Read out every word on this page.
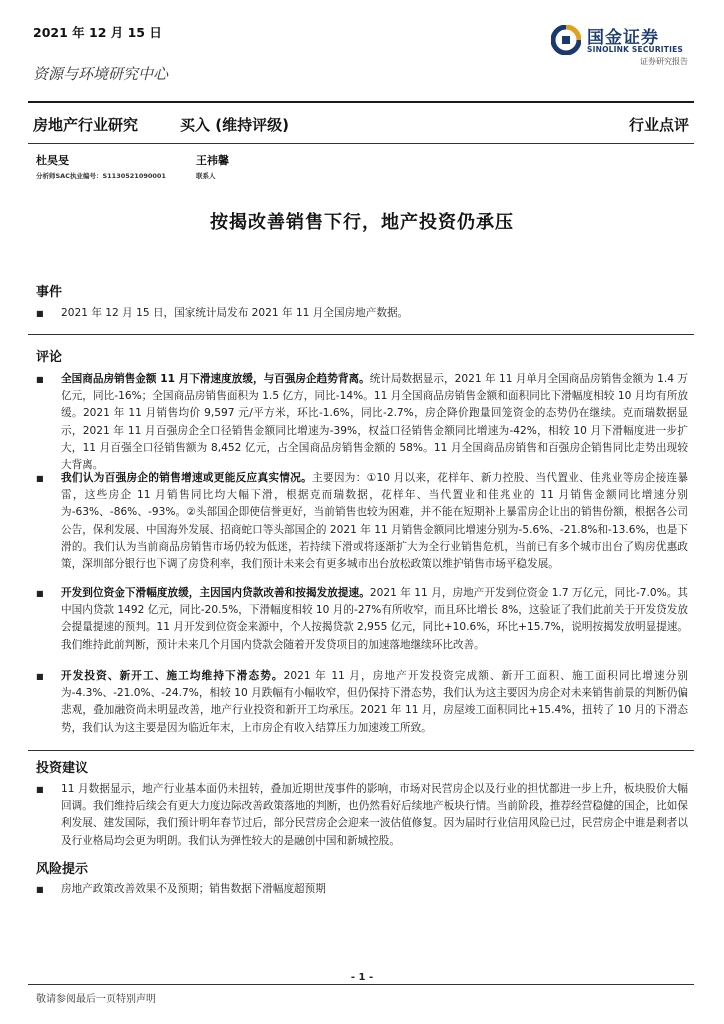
2021 年 12 月 15 日	国金证券
SINOLINK SECURITIES
证券研究报告
资源与环境研究中心
房地产行业研究	买入 (维持评级)	行业点评
杜昊旻
分析师SAC执业编号：S1130521090001
王祎馨
联系人
按揭改善销售下行，地产投资仍承压
事件
■	2021 年 12 月 15 日，国家统计局发布 2021 年 11 月全国房地产数据。
评论
■	全国商品房销售金额 11 月下滑速度放缓，与百强房企趋势背离。统计局数据显示，2021 年 11 月单月全国商品房销售金额为 1.4 万亿元，同比-16%；全国商品房销售面积为 1.5 亿方，同比-14%。11 月全国商品房销售金额和面积同比下滑幅度相较 10 月均有所放缓。2021 年 11 月销售均价 9,597 元/平方米，环比-1.6%，同比-2.7%，房企降价跑量回笼资金的态势仍在继续。克而瑞数据显示，2021 年 11 月百强房企全口径销售金额同比增速为-39%，权益口径销售金额同比增速为-42%，相较 10 月下滑幅度进一步扩大，11 月百强全口径销售额为 8,452 亿元，占全国商品房销售金额的 58%。11 月全国商品房销售和百强房企销售同比走势出现较大背离。
■	我们认为百强房企的销售增速或更能反应真实情况。主要因为：①10 月以来，花样年、新力控股、当代置业、佳兆业等房企接连暴雷，这些房企 11 月销售同比均大幅下滑，根据克而瑞数据，花样年、当代置业和佳兆业的 11 月销售金额同比增速分别为-63%、-86%、-93%。②头部国企即使信誉更好，当前销售也较为困难，并不能在短期补上暴雷房企让出的销售份额，根据各公司公告，保利发展、中国海外发展、招商蛇口等头部国企的 2021 年 11 月销售金额同比增速分别为-5.6%、-21.8%和-13.6%，也是下滑的。我们认为当前商品房销售市场仍较为低迷，若持续下滑或将逐渐扩大为全行业销售危机，当前已有多个城市出台了购房优惠政策，深圳部分银行也下调了房贷利率，我们预计未来会有更多城市出台放松政策以维护销售市场平稳发展。
■	开发到位资金下滑幅度放缓，主因国内贷款改善和按揭发放提速。2021 年 11 月，房地产开发到位资金 1.7 万亿元，同比-7.0%。其中国内贷款 1492 亿元，同比-20.5%，下滑幅度相较 10 月的-27%有所收窄，而且环比增长 8%，这验证了我们此前关于开发贷发放会提量提速的预判。11 月开发到位资金来源中，个人按揭贷款 2,955 亿元，同比+10.6%，环比+15.7%，说明按揭发放明显提速。我们维持此前判断，预计未来几个月国内贷款会随着开发贷项目的加速落地继续环比改善。
■	开发投资、新开工、施工均维持下滑态势。2021 年 11 月，房地产开发投资完成额、新开工面积、施工面积同比增速分别为-4.3%、-21.0%、-24.7%，相较 10 月跌幅有小幅收窄，但仍保持下滑态势，我们认为这主要因为房企对未来销售前景的判断仍偏悲观，叠加融资尚未明显改善，地产行业投资和新开工均承压。2021 年 11 月，房屋竣工面积同比+15.4%，扭转了 10 月的下滑态势，我们认为这主要是因为临近年末，上市房企有收入结算压力加速竣工所致。
投资建议
■	11 月数据显示，地产行业基本面仍未扭转，叠加近期世茂事件的影响，市场对民营房企以及行业的担忧都进一步上升，板块股价大幅回调。我们维持后续会有更大力度边际改善政策落地的判断，也仍然看好后续地产板块行情。当前阶段，推荐经营稳健的国企，比如保利发展、建发国际，我们预计明年春节过后，部分民营房企会迎来一波估值修复。因为届时行业信用风险已过，民营房企中谁是剩者以及行业格局均会更为明朗。我们认为弹性较大的是融创中国和新城控股。
风险提示
■	房地产政策改善效果不及预期；销售数据下滑幅度超预期
- 1 -
敬请参阅最后一页特别声明
